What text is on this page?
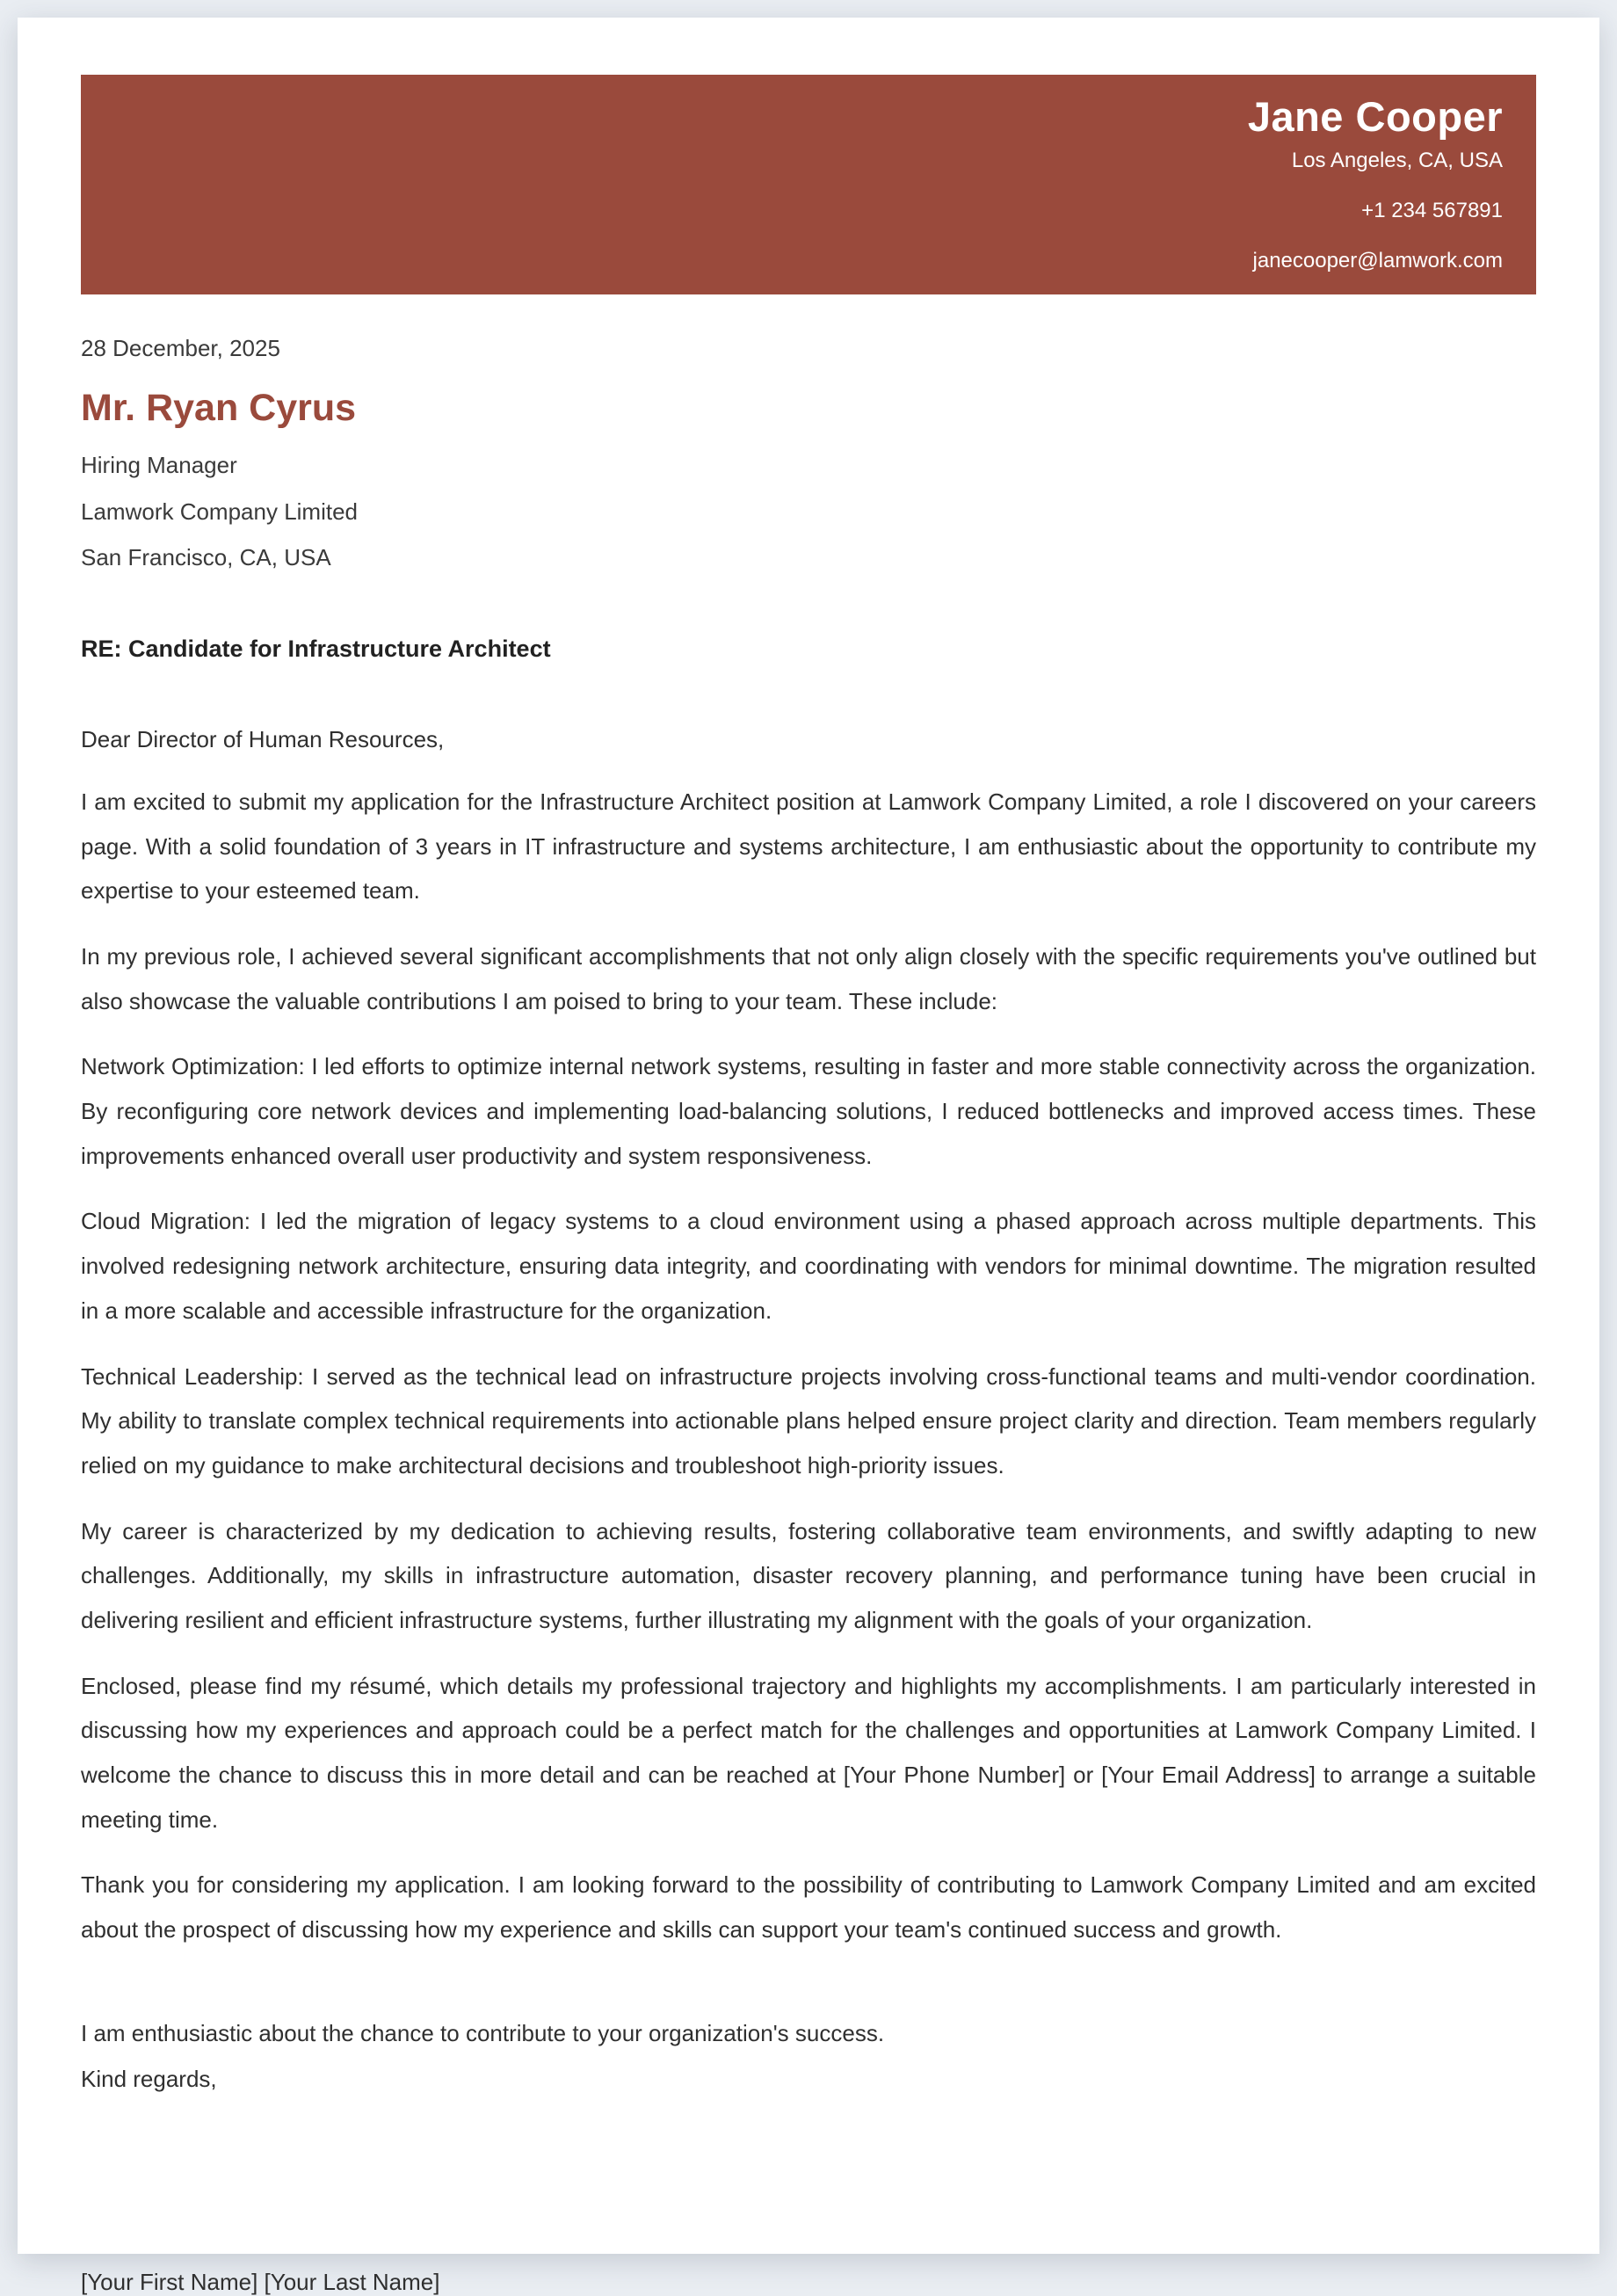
Jane Cooper
Los Angeles, CA, USA
+1 234 567891
janecooper@lamwork.com
28 December, 2025
Mr. Ryan Cyrus
Hiring Manager
Lamwork Company Limited
San Francisco, CA, USA
RE: Candidate for Infrastructure Architect
Dear Director of Human Resources,

I am excited to submit my application for the Infrastructure Architect position at Lamwork Company Limited, a role I discovered on your careers page. With a solid foundation of 3 years in IT infrastructure and systems architecture, I am enthusiastic about the opportunity to contribute my expertise to your esteemed team.

In my previous role, I achieved several significant accomplishments that not only align closely with the specific requirements you've outlined but also showcase the valuable contributions I am poised to bring to your team. These include:

Network Optimization: I led efforts to optimize internal network systems, resulting in faster and more stable connectivity across the organization. By reconfiguring core network devices and implementing load-balancing solutions, I reduced bottlenecks and improved access times. These improvements enhanced overall user productivity and system responsiveness.

Cloud Migration: I led the migration of legacy systems to a cloud environment using a phased approach across multiple departments. This involved redesigning network architecture, ensuring data integrity, and coordinating with vendors for minimal downtime. The migration resulted in a more scalable and accessible infrastructure for the organization.

Technical Leadership: I served as the technical lead on infrastructure projects involving cross-functional teams and multi-vendor coordination. My ability to translate complex technical requirements into actionable plans helped ensure project clarity and direction. Team members regularly relied on my guidance to make architectural decisions and troubleshoot high-priority issues.

My career is characterized by my dedication to achieving results, fostering collaborative team environments, and swiftly adapting to new challenges. Additionally, my skills in infrastructure automation, disaster recovery planning, and performance tuning have been crucial in delivering resilient and efficient infrastructure systems, further illustrating my alignment with the goals of your organization.

Enclosed, please find my résumé, which details my professional trajectory and highlights my accomplishments. I am particularly interested in discussing how my experiences and approach could be a perfect match for the challenges and opportunities at Lamwork Company Limited. I welcome the chance to discuss this in more detail and can be reached at [Your Phone Number] or [Your Email Address] to arrange a suitable meeting time.

Thank you for considering my application. I am looking forward to the possibility of contributing to Lamwork Company Limited and am excited about the prospect of discussing how my experience and skills can support your team's continued success and growth.

I am enthusiastic about the chance to contribute to your organization's success.

Kind regards,

[Your First Name] [Your Last Name]
